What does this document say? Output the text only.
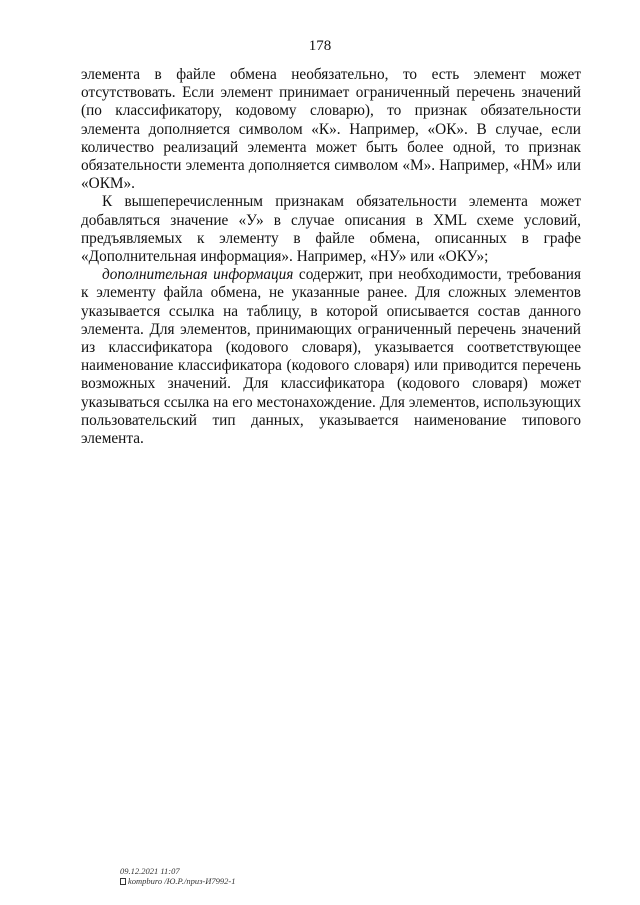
178

элемента в файле обмена необязательно, то есть элемент может отсутствовать. Если элемент принимает ограниченный перечень значений (по классификатору, кодовому словарю), то признак обязательности элемента дополняется символом «К». Например, «ОК». В случае, если количество реализаций элемента может быть более одной, то признак обязательности элемента дополняется символом «М». Например, «НМ» или «ОКМ».

К вышеперечисленным признакам обязательности элемента может добавляться значение «У» в случае описания в XML схеме условий, предъявляемых к элементу в файле обмена, описанных в графе «Дополнительная информация». Например, «НУ» или «ОКУ»;

дополнительная информация содержит, при необходимости, требования к элементу файла обмена, не указанные ранее. Для сложных элементов указывается ссылка на таблицу, в которой описывается состав данного элемента. Для элементов, принимающих ограниченный перечень значений из классификатора (кодового словаря), указывается соответствующее наименование классификатора (кодового словаря) или приводится перечень возможных значений. Для классификатора (кодового словаря) может указываться ссылка на его местонахождение. Для элементов, использующих пользовательский тип данных, указывается наименование типового элемента.

09.12.2021 11:07
kompburo /Ю.Р./приз-И7992-1
